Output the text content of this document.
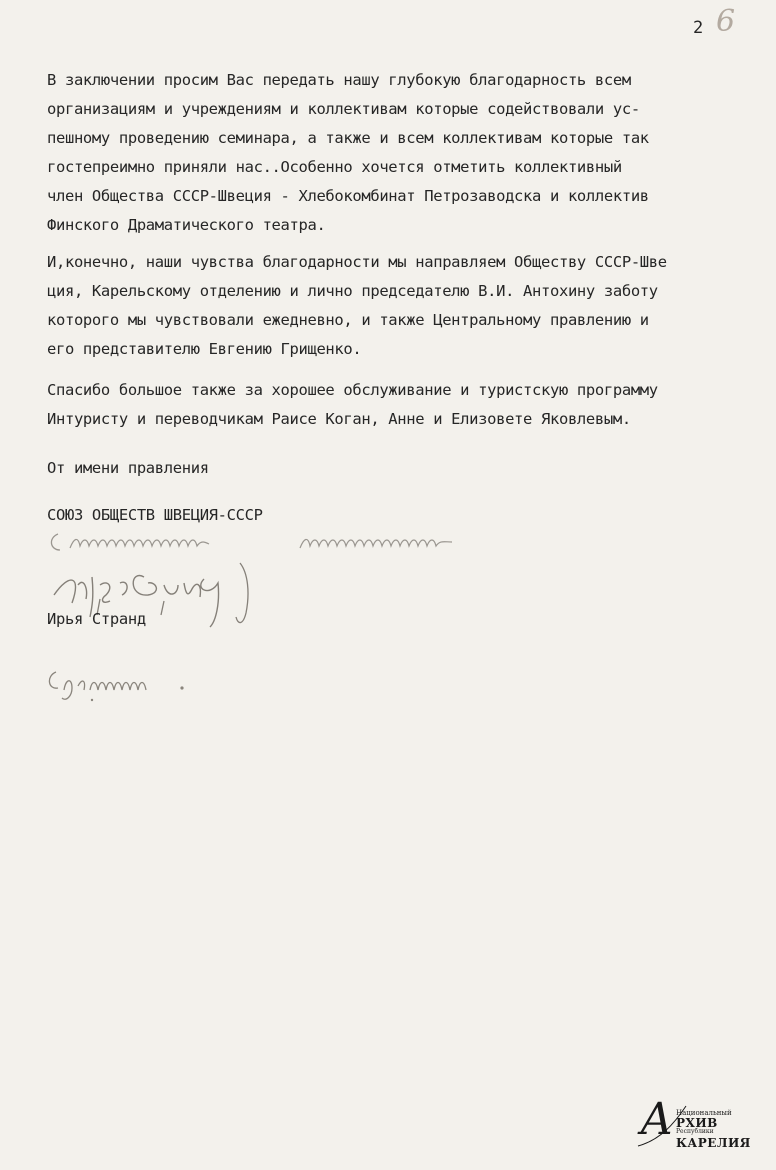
2 6
В заключении просим Вас передать нашу глубокую благодарность всем
организациям и учреждениям и коллективам которые содействовали ус-
пешному проведению семинара, а также и всем коллективам которые так
гостепреимно приняли нас..Особенно хочется отметить коллективный
член Общества СССР-Швеция - Хлебокомбинат Петрозаводска и коллектив
Финского Драматического театра.
И,конечно, наши чувства благодарности мы направляем Обществу СССР-Шве
ция, Карельскому отделению и лично председателю В.И. Антохину заботу
которого мы чувствовали ежедневно, и также Центральному правлению и
его представителю Евгению Грищенко.
Спасибо большое также за хорошее обслуживание и туристскую программу
Интуристу и переводчикам Раисе Коган, Анне и Елизовете Яковлевым.
От имени правления
СОЮЗ ОБЩЕСТВ ШВЕЦИЯ-СССР
Ирья Странд
А Национальный
РХИВ
Республики
КАРЕЛИЯ
